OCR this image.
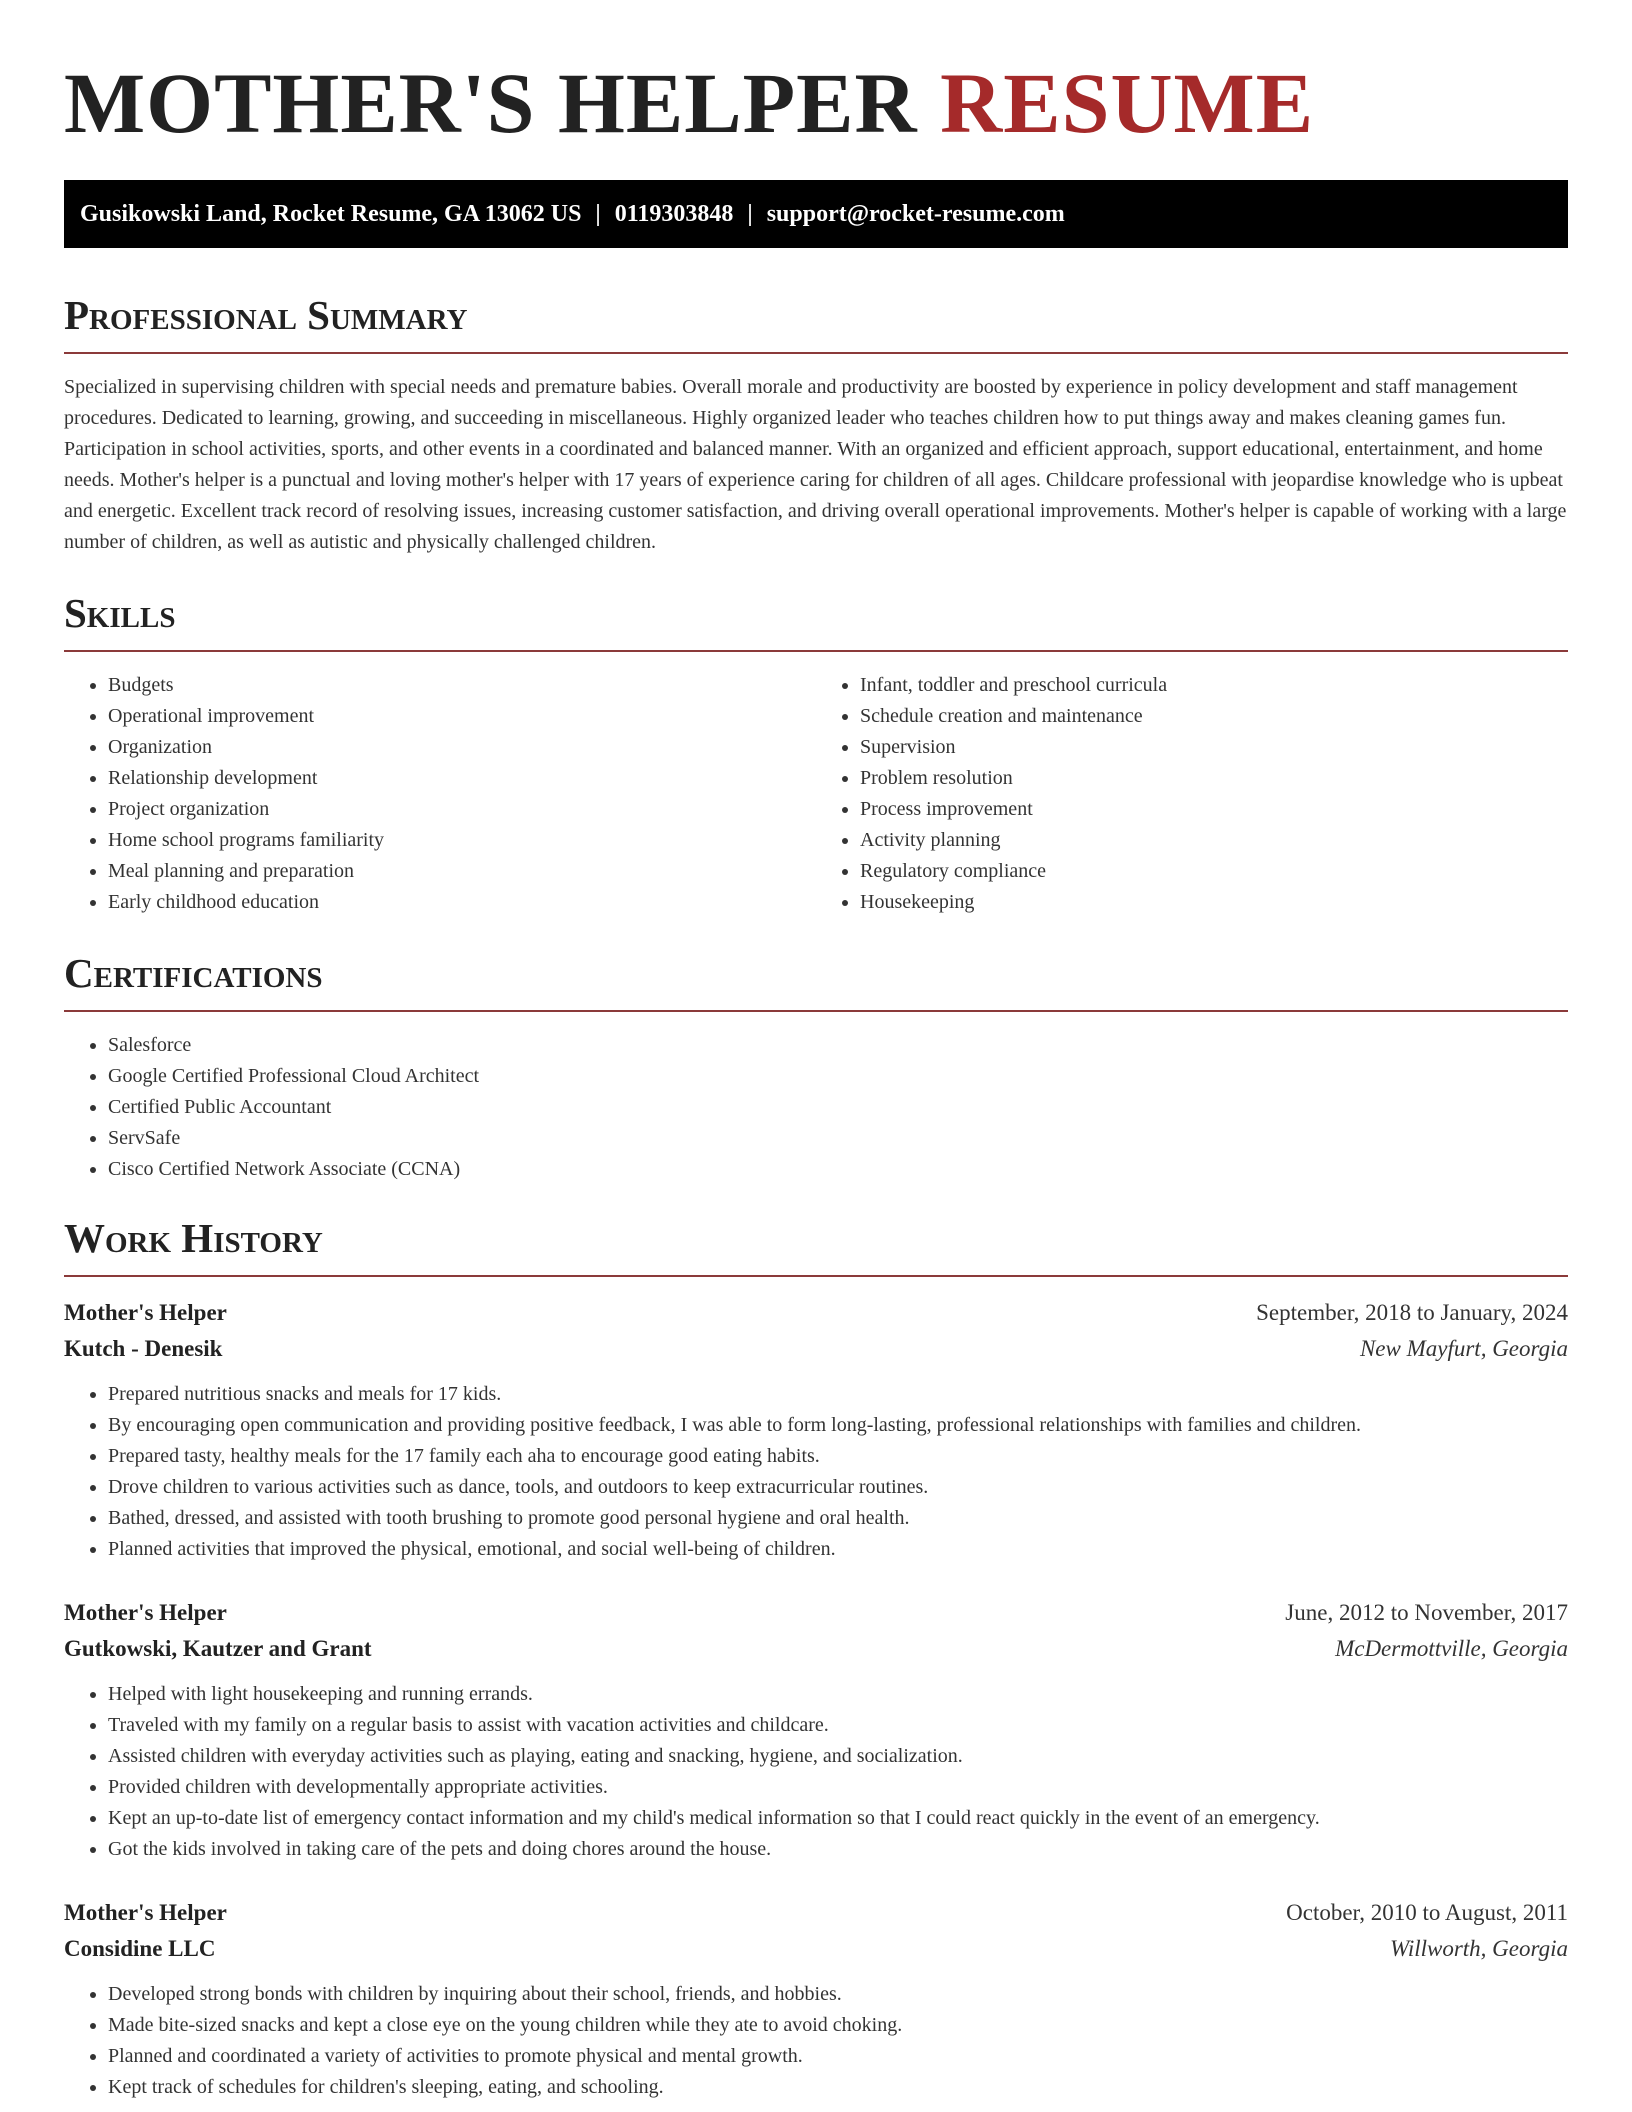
MOTHER'S HELPER RESUME
Gusikowski Land, Rocket Resume, GA 13062 US | 0119303848 | support@rocket-resume.com
Professional Summary

Specialized in supervising children with special needs and premature babies. Overall morale and productivity are boosted by experience in policy development and staff management procedures. Dedicated to learning, growing, and succeeding in miscellaneous. Highly organized leader who teaches children how to put things away and makes cleaning games fun. Participation in school activities, sports, and other events in a coordinated and balanced manner. With an organized and efficient approach, support educational, entertainment, and home needs. Mother's helper is a punctual and loving mother's helper with 17 years of experience caring for children of all ages. Childcare professional with jeopardise knowledge who is upbeat and energetic. Excellent track record of resolving issues, increasing customer satisfaction, and driving overall operational improvements. Mother's helper is capable of working with a large number of children, as well as autistic and physically challenged children.

Skills
• Budgets
• Operational improvement
• Organization
• Relationship development
• Project organization
• Home school programs familiarity
• Meal planning and preparation
• Early childhood education
• Infant, toddler and preschool curricula
• Schedule creation and maintenance
• Supervision
• Problem resolution
• Process improvement
• Activity planning
• Regulatory compliance
• Housekeeping
Certifications
• Salesforce
• Google Certified Professional Cloud Architect
• Certified Public Accountant
• ServSafe
• Cisco Certified Network Associate (CCNA)
Work History
Mother's Helper	September, 2018 to January, 2024
Kutch - Denesik	New Mayfurt, Georgia
• Prepared nutritious snacks and meals for 17 kids.
• By encouraging open communication and providing positive feedback, I was able to form long-lasting, professional relationships with families and children.
• Prepared tasty, healthy meals for the 17 family each aha to encourage good eating habits.
• Drove children to various activities such as dance, tools, and outdoors to keep extracurricular routines.
• Bathed, dressed, and assisted with tooth brushing to promote good personal hygiene and oral health.
• Planned activities that improved the physical, emotional, and social well-being of children.
Mother's Helper	June, 2012 to November, 2017
Gutkowski, Kautzer and Grant	McDermottville, Georgia
• Helped with light housekeeping and running errands.
• Traveled with my family on a regular basis to assist with vacation activities and childcare.
• Assisted children with everyday activities such as playing, eating and snacking, hygiene, and socialization.
• Provided children with developmentally appropriate activities.
• Kept an up-to-date list of emergency contact information and my child's medical information so that I could react quickly in the event of an emergency.
• Got the kids involved in taking care of the pets and doing chores around the house.
Mother's Helper	October, 2010 to August, 2011
Considine LLC	Willworth, Georgia
• Developed strong bonds with children by inquiring about their school, friends, and hobbies.
• Made bite-sized snacks and kept a close eye on the young children while they ate to avoid choking.
• Planned and coordinated a variety of activities to promote physical and mental growth.
• Kept track of schedules for children's sleeping, eating, and schooling.
